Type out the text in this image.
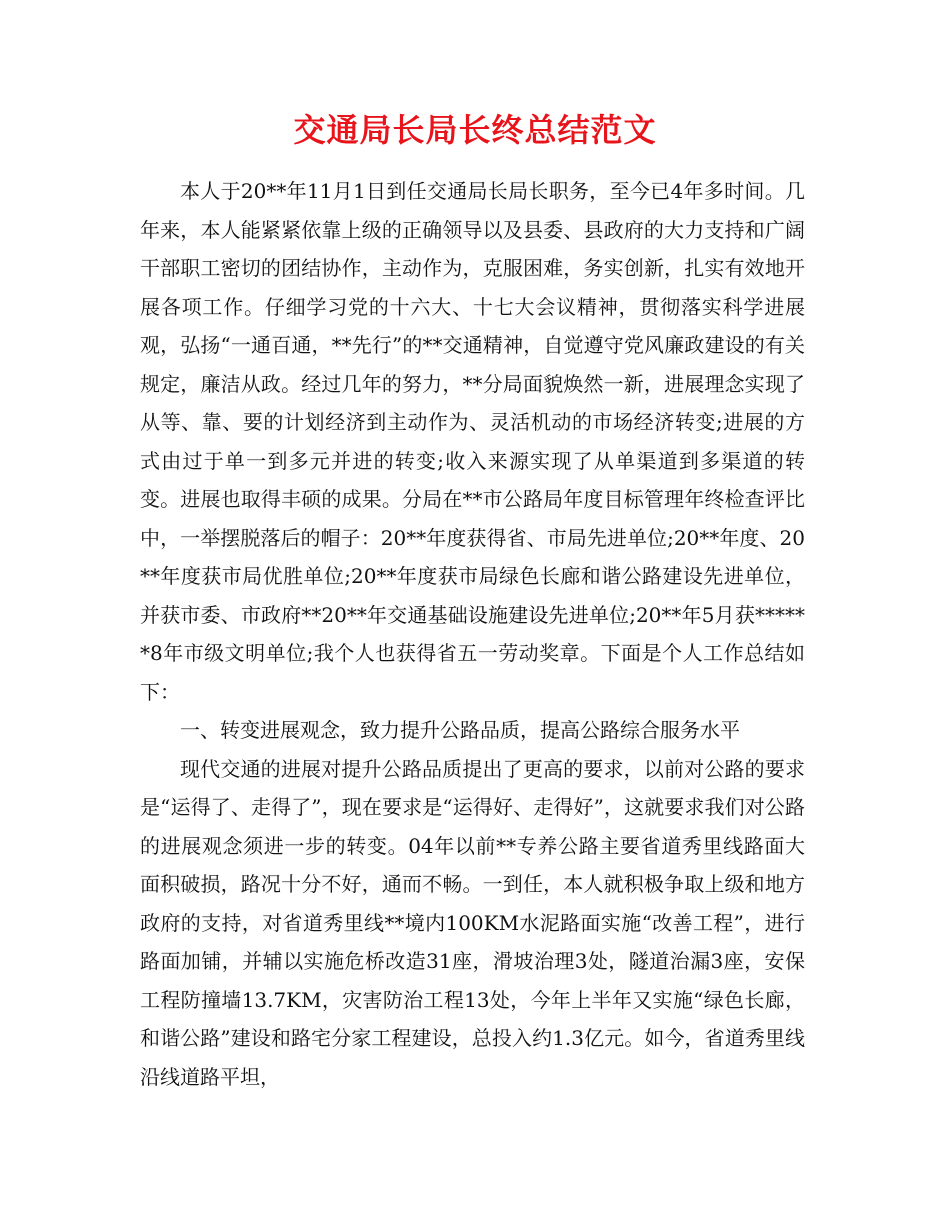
交通局长局长终总结范文

本人于20**年11月1日到任交通局长局长职务，至今已4年多时间。几年来，本人能紧紧依靠上级的正确领导以及县委、县政府的大力支持和广阔干部职工密切的团结协作，主动作为，克服困难，务实创新，扎实有效地开展各项工作。仔细学习党的十六大、十七大会议精神，贯彻落实科学进展观，弘扬“一通百通，**先行”的**交通精神，自觉遵守党风廉政建设的有关规定，廉洁从政。经过几年的努力，**分局面貌焕然一新，进展理念实现了从等、靠、要的计划经济到主动作为、灵活机动的市场经济转变;进展的方式由过于单一到多元并进的转变;收入来源实现了从单渠道到多渠道的转变。进展也取得丰硕的成果。分局在**市公路局年度目标管理年终检查评比中，一举摆脱落后的帽子：20**年度获得省、市局先进单位;20**年度、20**年度获市局优胜单位;20**年度获市局绿色长廊和谐公路建设先进单位，并获市委、市政府**20**年交通基础设施建设先进单位;20**年5月获******8年市级文明单位;我个人也获得省五一劳动奖章。下面是个人工作总结如下：

一、转变进展观念，致力提升公路品质，提高公路综合服务水平

现代交通的进展对提升公路品质提出了更高的要求，以前对公路的要求是“运得了、走得了”，现在要求是“运得好、走得好”，这就要求我们对公路的进展观念须进一步的转变。04年以前**专养公路主要省道秀里线路面大面积破损，路况十分不好，通而不畅。一到任，本人就积极争取上级和地方政府的支持，对省道秀里线**境内100KM水泥路面实施“改善工程”，进行路面加铺，并辅以实施危桥改造31座，滑坡治理3处，隧道治漏3座，安保工程防撞墙13.7KM，灾害防治工程13处，今年上半年又实施“绿色长廊，和谐公路”建设和路宅分家工程建设，总投入约1.3亿元。如今，省道秀里线沿线道路平坦，
